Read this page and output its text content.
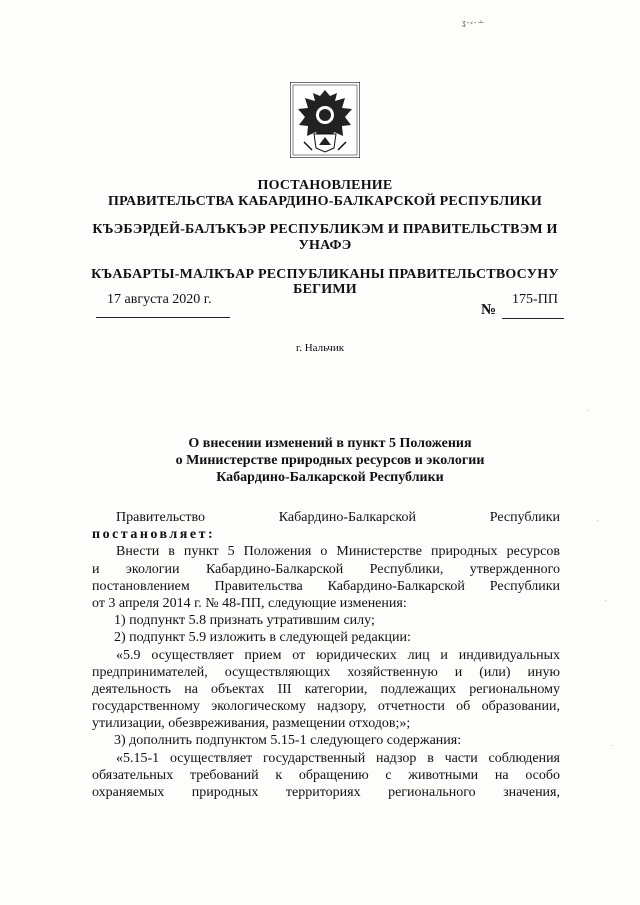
ʓ-⸗-∸
ПОСТАНОВЛЕНИЕ
ПРАВИТЕЛЬСТВА КАБАРДИНО-БАЛКАРСКОЙ РЕСПУБЛИКИ
КЪЭБЭРДЕЙ-БАЛЪКЪЭР РЕСПУБЛИКЭМ И ПРАВИТЕЛЬСТВЭМ И
УНАФЭ
КЪАБАРТЫ-МАЛКЪАР РЕСПУБЛИКАНЫ ПРАВИТЕЛЬСТВОСУНУ
БЕГИМИ
17 августа 2020 г.
№
175-ПП
г. Нальчик
О внесении изменений в пункт 5 Положения
о Министерстве природных ресурсов и экологии
Кабардино-Балкарской Республики
Правительство	Кабардино-Балкарской	Республики
постановляет:
Внести в пункт 5 Положения о Министерстве природных ресурсов
и экологии Кабардино-Балкарской Республики, утвержденного
постановлением Правительства Кабардино-Балкарской Республики
от 3 апреля 2014 г. № 48-ПП, следующие изменения:
1) подпункт 5.8 признать утратившим силу;
2) подпункт 5.9 изложить в следующей редакции:
«5.9 осуществляет прием от юридических лиц и индивидуальных
предпринимателей, осуществляющих хозяйственную и (или) иную
деятельность на объектах III категории, подлежащих региональному
государственному экологическому надзору, отчетности об образовании,
утилизации, обезвреживания, размещении отходов;»;
3) дополнить подпунктом 5.15-1 следующего содержания:
«5.15-1 осуществляет государственный надзор в части соблюдения
обязательных требований к обращению с животными на особо
охраняемых природных территориях регионального значения,
